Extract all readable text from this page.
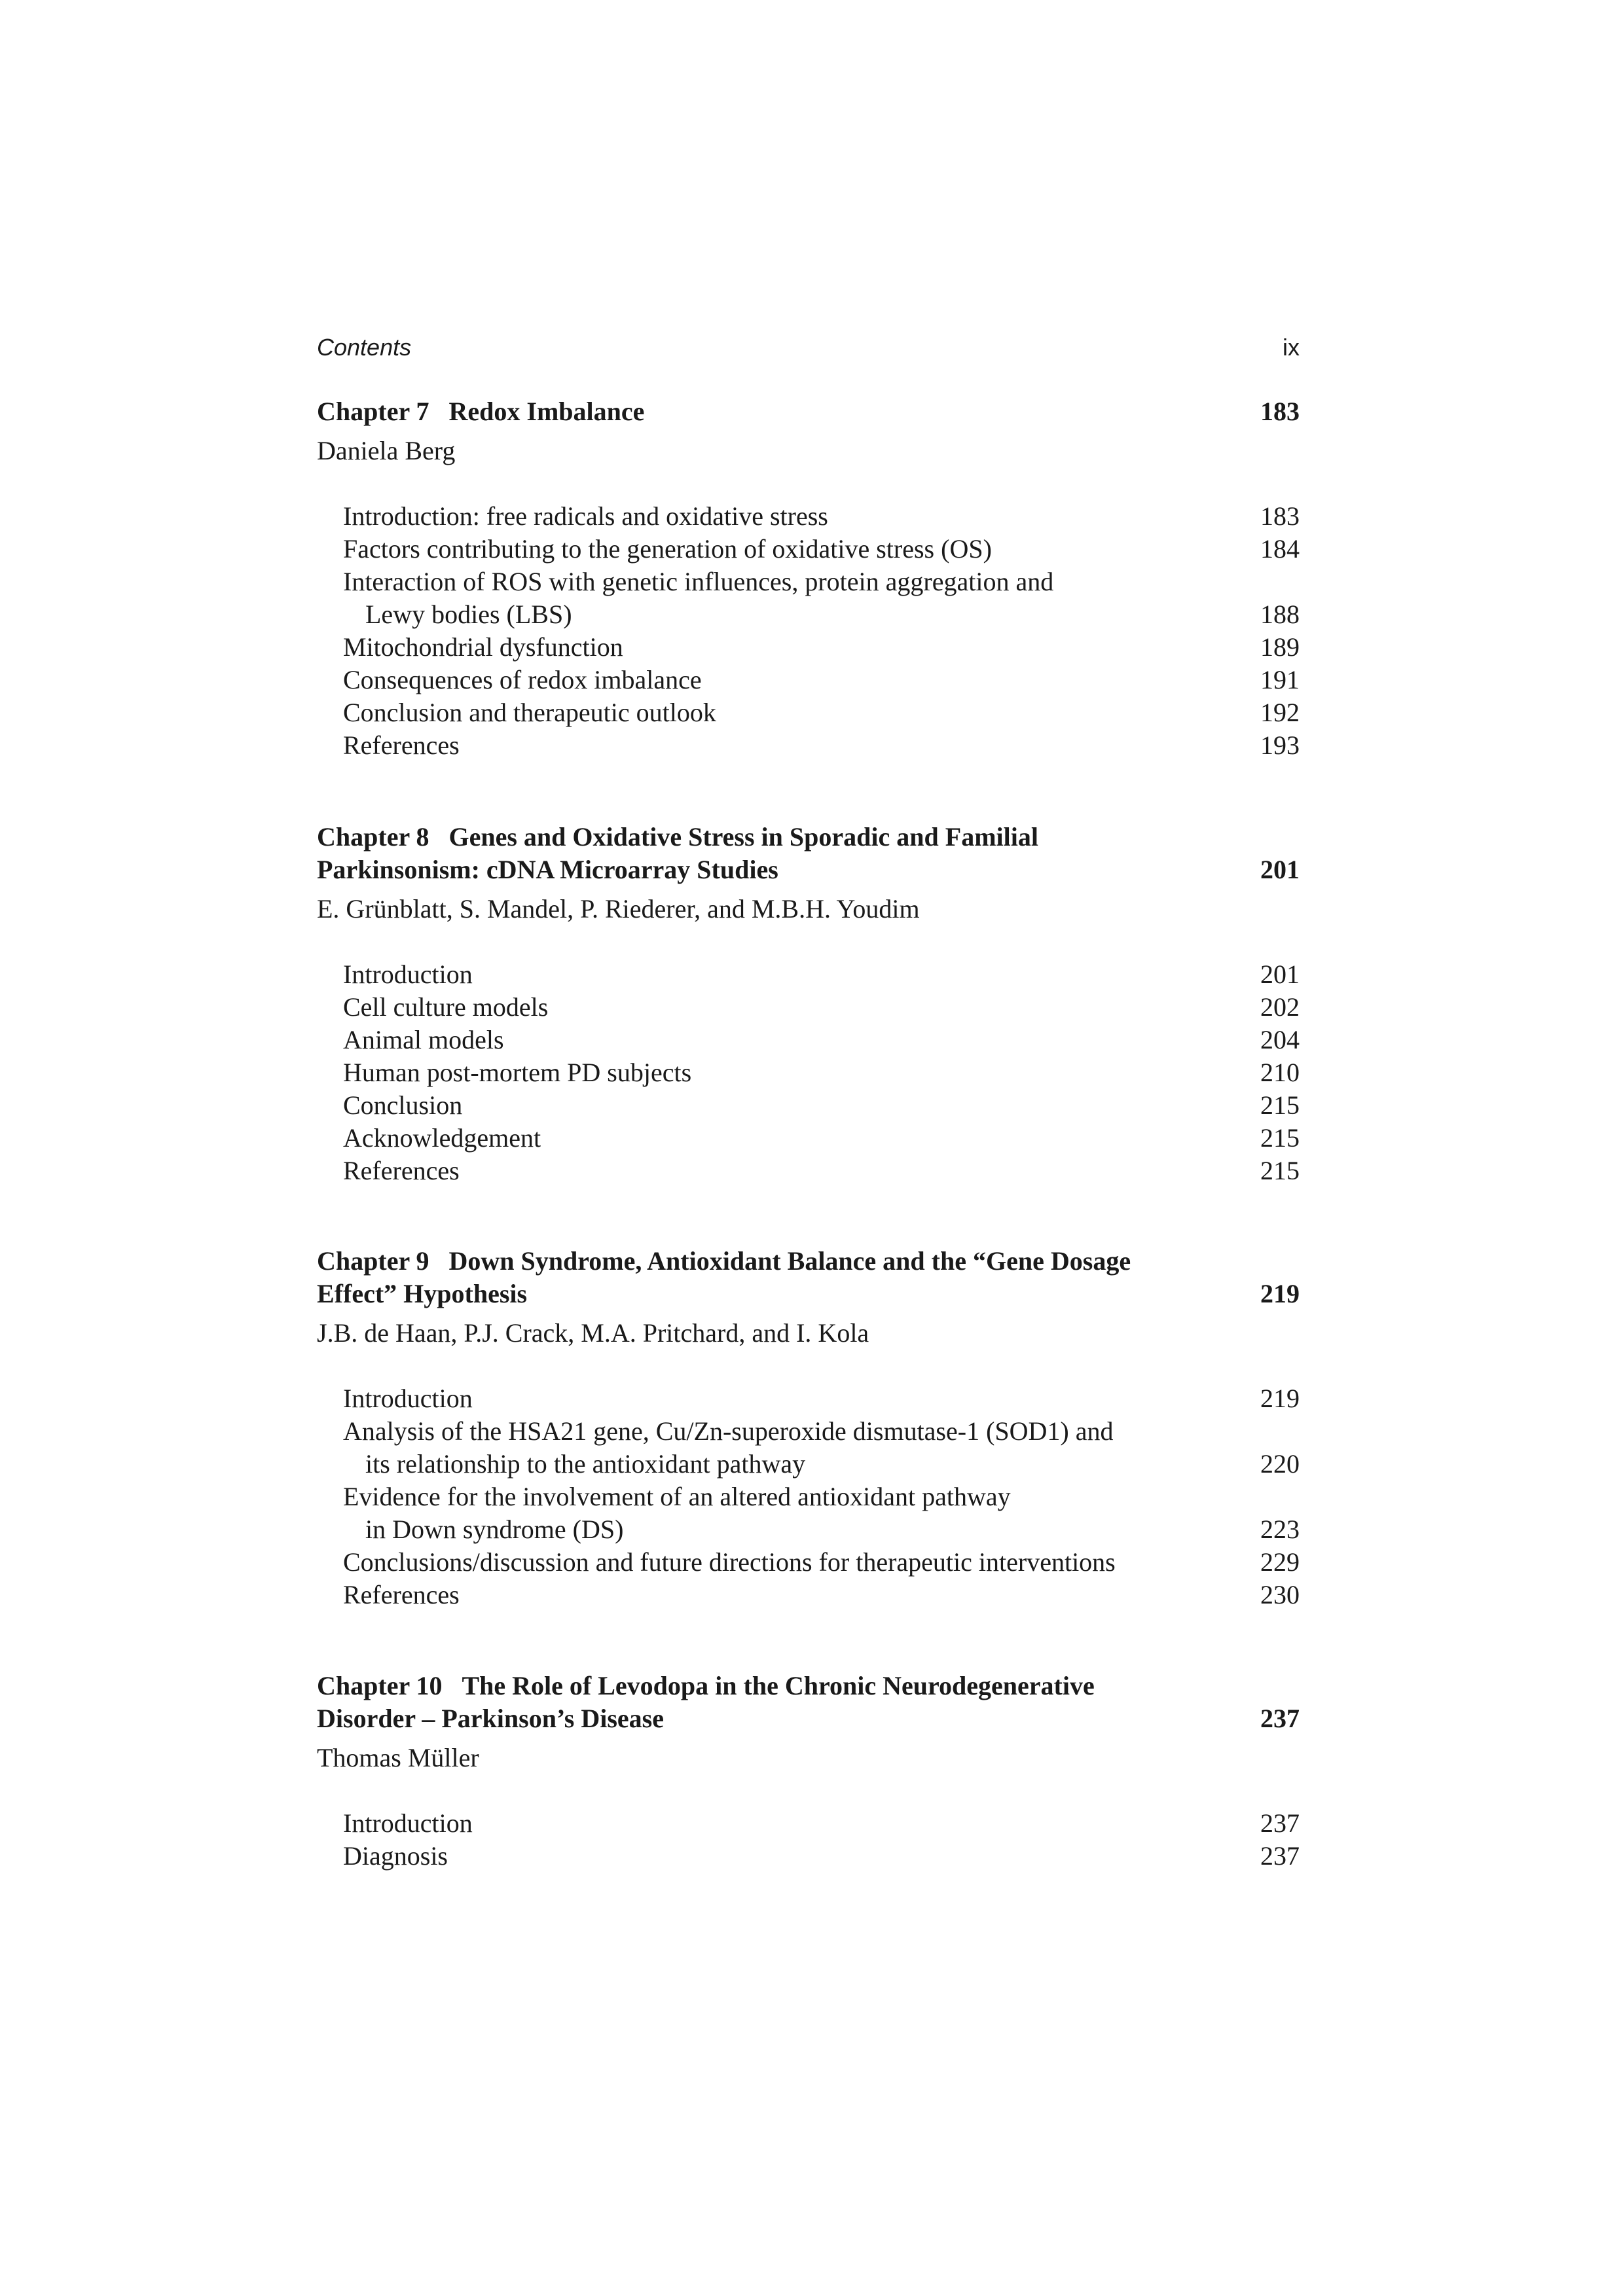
Contents	ix
Chapter 7 Redox Imbalance	183
Daniela Berg
Introduction: free radicals and oxidative stress	183
Factors contributing to the generation of oxidative stress (OS)	184
Interaction of ROS with genetic influences, protein aggregation and
Lewy bodies (LBS)	188
Mitochondrial dysfunction	189
Consequences of redox imbalance	191
Conclusion and therapeutic outlook	192
References	193
Chapter 8 Genes and Oxidative Stress in Sporadic and Familial Parkinsonism: cDNA Microarray Studies	201
E. Grünblatt, S. Mandel, P. Riederer, and M.B.H. Youdim
Introduction	201
Cell culture models	202
Animal models	204
Human post-mortem PD subjects	210
Conclusion	215
Acknowledgement	215
References	215
Chapter 9 Down Syndrome, Antioxidant Balance and the “Gene Dosage Effect” Hypothesis	219
J.B. de Haan, P.J. Crack, M.A. Pritchard, and I. Kola
Introduction	219
Analysis of the HSA21 gene, Cu/Zn-superoxide dismutase-1 (SOD1) and
its relationship to the antioxidant pathway	220
Evidence for the involvement of an altered antioxidant pathway
in Down syndrome (DS)	223
Conclusions/discussion and future directions for therapeutic interventions	229
References	230
Chapter 10 The Role of Levodopa in the Chronic Neurodegenerative Disorder – Parkinson’s Disease	237
Thomas Müller
Introduction	237
Diagnosis	237
